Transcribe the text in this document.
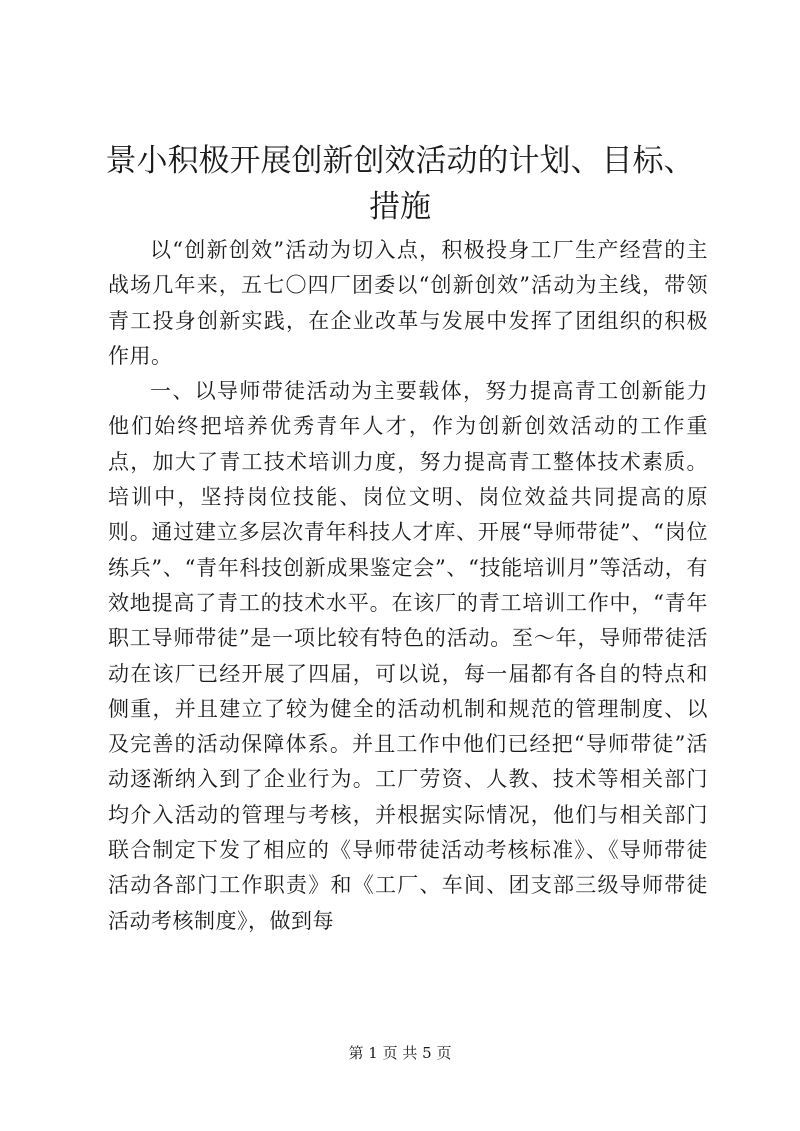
景小积极开展创新创效活动的计划、目标、措施

以“创新创效”活动为切入点，积极投身工厂生产经营的主战场几年来，五七〇四厂团委以“创新创效”活动为主线，带领青工投身创新实践，在企业改革与发展中发挥了团组织的积极作用。

一、以导师带徒活动为主要载体，努力提高青工创新能力他们始终把培养优秀青年人才，作为创新创效活动的工作重点，加大了青工技术培训力度，努力提高青工整体技术素质。培训中，坚持岗位技能、岗位文明、岗位效益共同提高的原则。通过建立多层次青年科技人才库、开展“导师带徒”、“岗位练兵”、“青年科技创新成果鉴定会”、“技能培训月”等活动，有效地提高了青工的技术水平。在该厂的青工培训工作中，“青年职工导师带徒”是一项比较有特色的活动。至～年，导师带徒活动在该厂已经开展了四届，可以说，每一届都有各自的特点和侧重，并且建立了较为健全的活动机制和规范的管理制度、以及完善的活动保障体系。并且工作中他们已经把“导师带徒”活动逐渐纳入到了企业行为。工厂劳资、人教、技术等相关部门均介入活动的管理与考核，并根据实际情况，他们与相关部门联合制定下发了相应的《导师带徒活动考核标准》、《导师带徒活动各部门工作职责》和《工厂、车间、团支部三级导师带徒活动考核制度》，做到每

第 1 页 共 5 页
